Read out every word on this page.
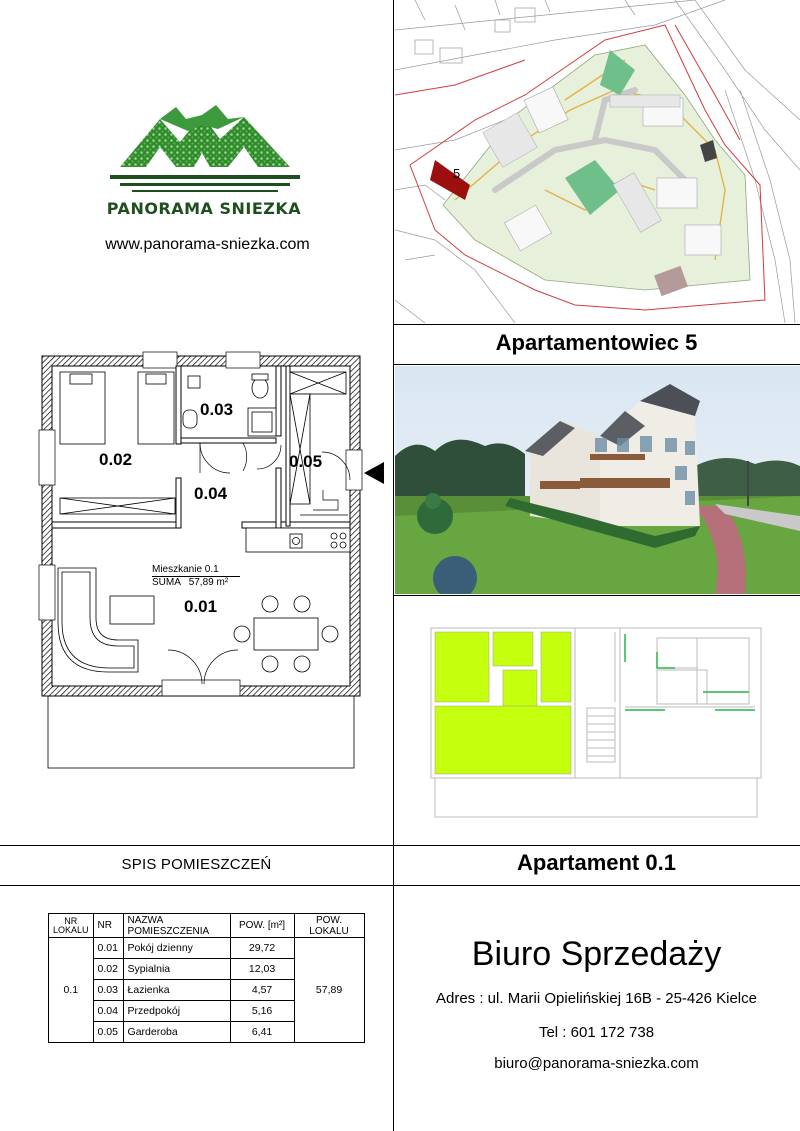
PANORAMA SNIEZKA
www.panorama-sniezka.com
5
Apartamentowiec 5
0.02
0.03
0.04
0.05
0.01
Mieszkanie 0.1
SUMA 57,89 m²
Apartament 0.1
SPIS POMIESZCZEŃ
NR LOKALU	NR	NAZWA POMIESZCZENIA	POW. [m²]	POW. LOKALU
0.1	0.01	Pokój dzienny	29,72	57,89
	0.02	Sypialnia	12,03	
	0.03	Łazienka	4,57	
	0.04	Przedpokój	5,16	
	0.05	Garderoba	6,41	
Biuro Sprzedaży
Adres : ul. Marii Opielińskiej 16B - 25-426 Kielce
Tel : 601 172 738
biuro@panorama-sniezka.com
